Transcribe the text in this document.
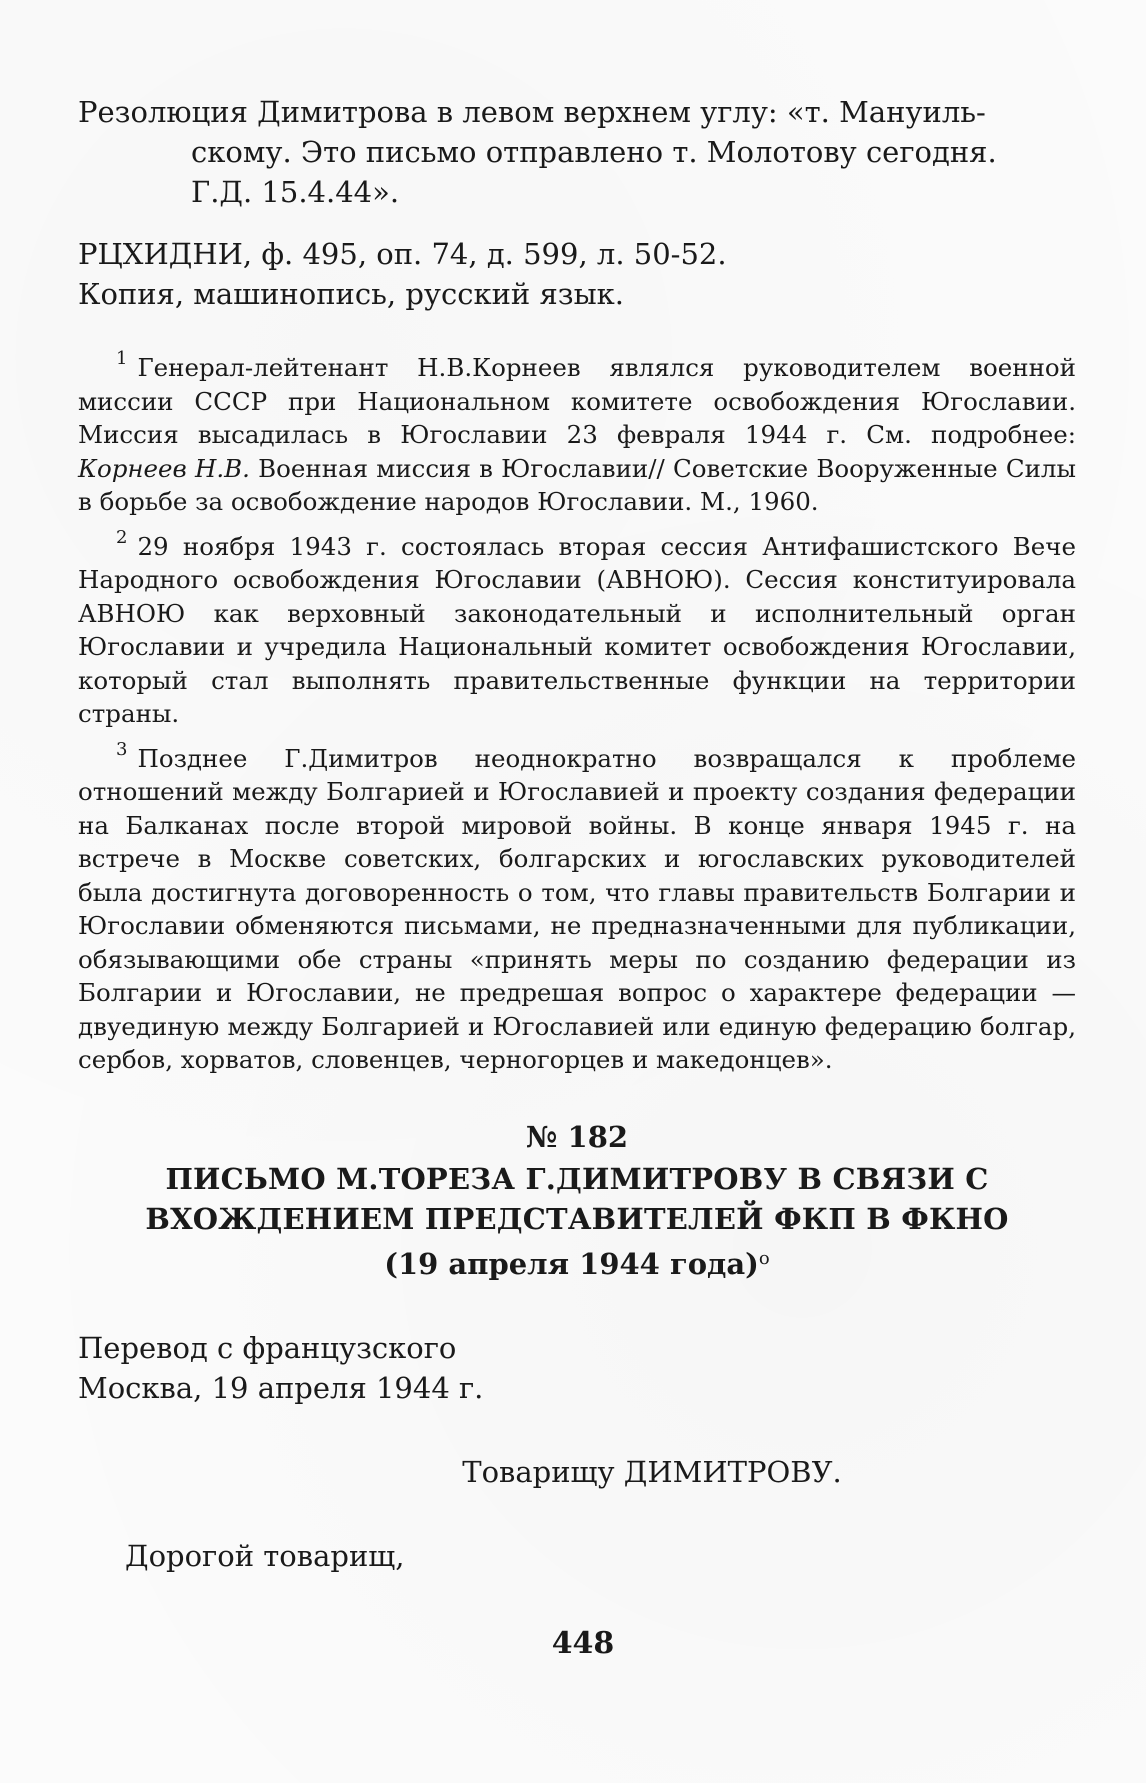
Резолюция Димитрова в левом верхнем углу: «т. Мануиль-
скому. Это письмо отправлено т. Молотову сегодня.
Г.Д. 15.4.44».

РЦХИДНИ, ф. 495, оп. 74, д. 599, л. 50-52.
Копия, машинопись, русский язык.

$^1$ Генерал-лейтенант Н.В.Корнеев являлся руководителем военной миссии СССР при Национальном комитете освобождения Югославии. Миссия высадилась в Югославии 23 февраля 1944 г. См. подробнее: Корнеев Н.В. Военная миссия в Югославии// Советские Вооруженные Силы в борьбе за освобождение народов Югославии. М., 1960.

$^2$ 29 ноября 1943 г. состоялась вторая сессия Антифашистского Вече Народного освобождения Югославии (АВНОЮ). Сессия конституировала АВНОЮ как верховный законодательный и исполнительный орган Югославии и учредила Национальный комитет освобождения Югославии, который стал выполнять правительственные функции на территории страны.

$^3$ Позднее Г.Димитров неоднократно возвращался к проблеме отношений между Болгарией и Югославией и проекту создания федерации на Балканах после второй мировой войны. В конце января 1945 г. на встрече в Москве советских, болгарских и югославских руководителей была достигнута договоренность о том, что главы правительств Болгарии и Югославии обменяются письмами, не предназначенными для публикации, обязывающими обе страны «принять меры по созданию федерации из Болгарии и Югославии, не предрешая вопрос о характере федерации — двуединую между Болгарией и Югославией или единую федерацию болгар, сербов, хорватов, словенцев, черногорцев и македонцев».

№ 182
ПИСЬМО М.ТОРЕЗА Г.ДИМИТРОВУ В СВЯЗИ С
ВХОЖДЕНИЕМ ПРЕДСТАВИТЕЛЕЙ ФКП В ФКНО
(19 апреля 1944 года)$^о$
Перевод с французского
Москва, 19 апреля 1944 г.
Товарищу ДИМИТРОВУ.
Дорогой товарищ,
448
